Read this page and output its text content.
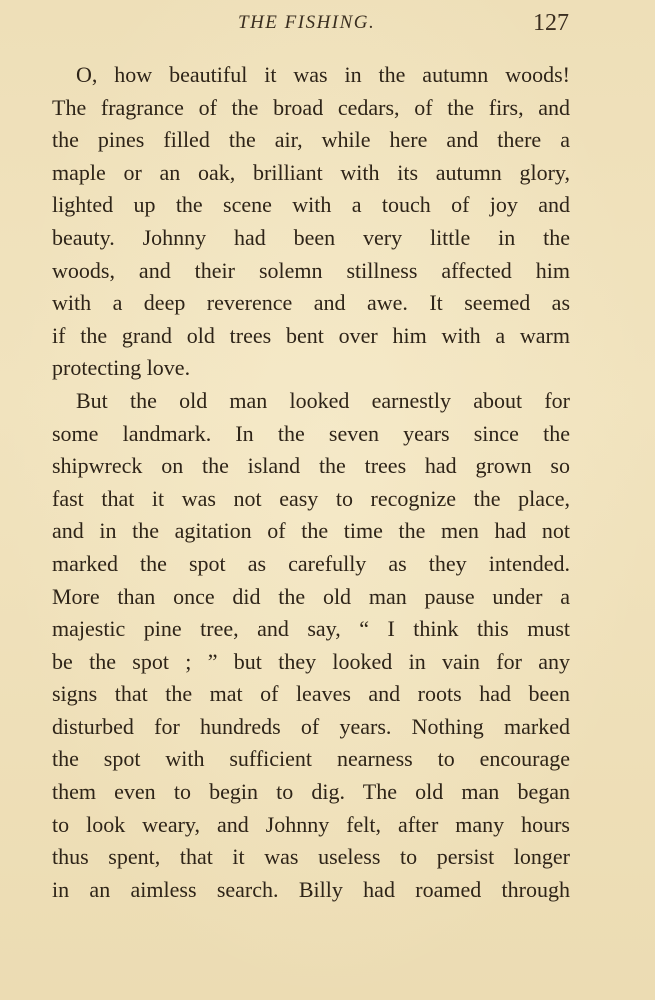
THE FISHING.	127
O, how beautiful it was in the autumn woods!
The fragrance of the broad cedars, of the firs, and
the pines filled the air, while here and there a
maple or an oak, brilliant with its autumn glory,
lighted up the scene with a touch of joy and
beauty. Johnny had been very little in the
woods, and their solemn stillness affected him
with a deep reverence and awe. It seemed as
if the grand old trees bent over him with a warm
protecting love.
But the old man looked earnestly about for
some landmark. In the seven years since the
shipwreck on the island the trees had grown so
fast that it was not easy to recognize the place,
and in the agitation of the time the men had not
marked the spot as carefully as they intended.
More than once did the old man pause under a
majestic pine tree, and say, “ I think this must
be the spot ; ” but they looked in vain for any
signs that the mat of leaves and roots had been
disturbed for hundreds of years. Nothing marked
the spot with sufficient nearness to encourage
them even to begin to dig. The old man began
to look weary, and Johnny felt, after many hours
thus spent, that it was useless to persist longer
in an aimless search. Billy had roamed through
